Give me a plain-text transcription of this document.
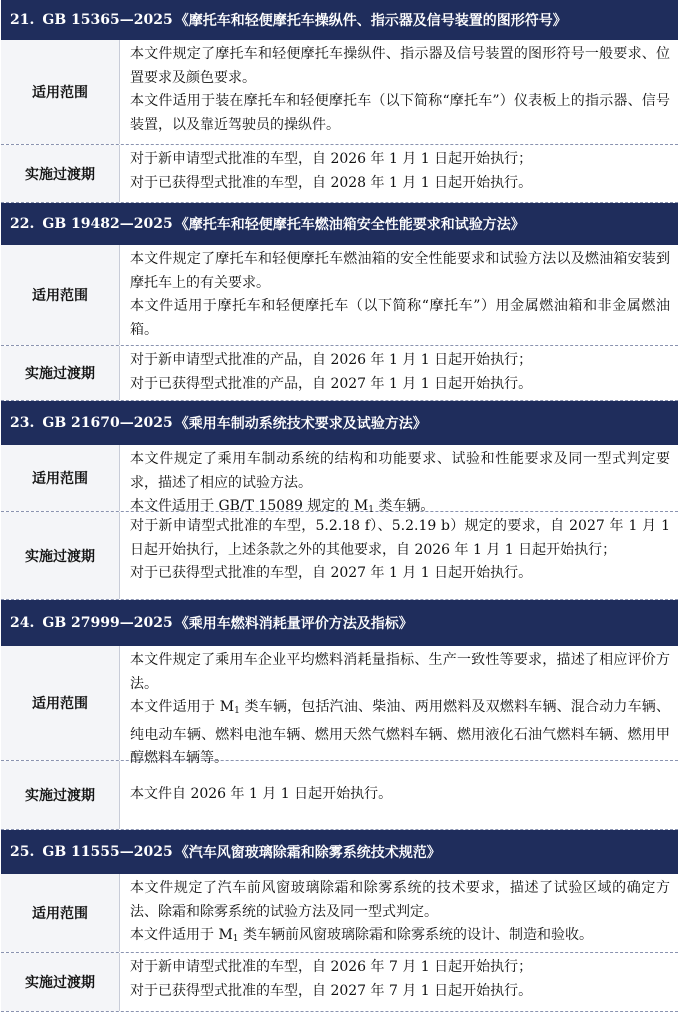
21. GB 15365—2025 《摩托车和轻便摩托车操纵件、指示器及信号装置的图形符号》
适用范围

本文件规定了摩托车和轻便摩托车操纵件、指示器及信号装置的图形符号一般要求、位置要求及颜色要求。

本文件适用于装在摩托车和轻便摩托车（以下简称“摩托车”）仪表板上的指示器、信号装置，以及靠近驾驶员的操纵件。

实施过渡期

对于新申请型式批准的车型，自 2026 年 1 月 1 日起开始执行；

对于已获得型式批准的车型，自 2028 年 1 月 1 日起开始执行。

22. GB 19482—2025 《摩托车和轻便摩托车燃油箱安全性能要求和试验方法》
适用范围

本文件规定了摩托车和轻便摩托车燃油箱的安全性能要求和试验方法以及燃油箱安装到摩托车上的有关要求。

本文件适用于摩托车和轻便摩托车（以下简称“摩托车”）用金属燃油箱和非金属燃油箱。

实施过渡期

对于新申请型式批准的产品，自 2026 年 1 月 1 日起开始执行；

对于已获得型式批准的产品，自 2027 年 1 月 1 日起开始执行。

23. GB 21670—2025 《乘用车制动系统技术要求及试验方法》
适用范围

本文件规定了乘用车制动系统的结构和功能要求、试验和性能要求及同一型式判定要求，描述了相应的试验方法。

本文件适用于 GB/T 15089 规定的 $M_1$ 类车辆。

实施过渡期

对于新申请型式批准的车型，5.2.18 f）、5.2.19 b）规定的要求，自 2027 年 1 月 1 日起开始执行，上述条款之外的其他要求，自 2026 年 1 月 1 日起开始执行；

对于已获得型式批准的车型，自 2027 年 1 月 1 日起开始执行。

24. GB 27999—2025 《乘用车燃料消耗量评价方法及指标》
适用范围

本文件规定了乘用车企业平均燃料消耗量指标、生产一致性等要求，描述了相应评价方法。

本文件适用于 $M_1$ 类车辆，包括汽油、柴油、两用燃料及双燃料车辆、混合动力车辆、纯电动车辆、燃料电池车辆、燃用天然气燃料车辆、燃用液化石油气燃料车辆、燃用甲醇燃料车辆等。

实施过渡期	本文件自 2026 年 1 月 1 日起开始执行。

25. GB 11555—2025 《汽车风窗玻璃除霜和除雾系统技术规范》
适用范围

本文件规定了汽车前风窗玻璃除霜和除雾系统的技术要求，描述了试验区域的确定方法、除霜和除雾系统的试验方法及同一型式判定。

本文件适用于 $M_1$ 类车辆前风窗玻璃除霜和除雾系统的设计、制造和验收。

实施过渡期

对于新申请型式批准的车型，自 2026 年 7 月 1 日起开始执行；

对于已获得型式批准的车型，自 2027 年 7 月 1 日起开始执行。
